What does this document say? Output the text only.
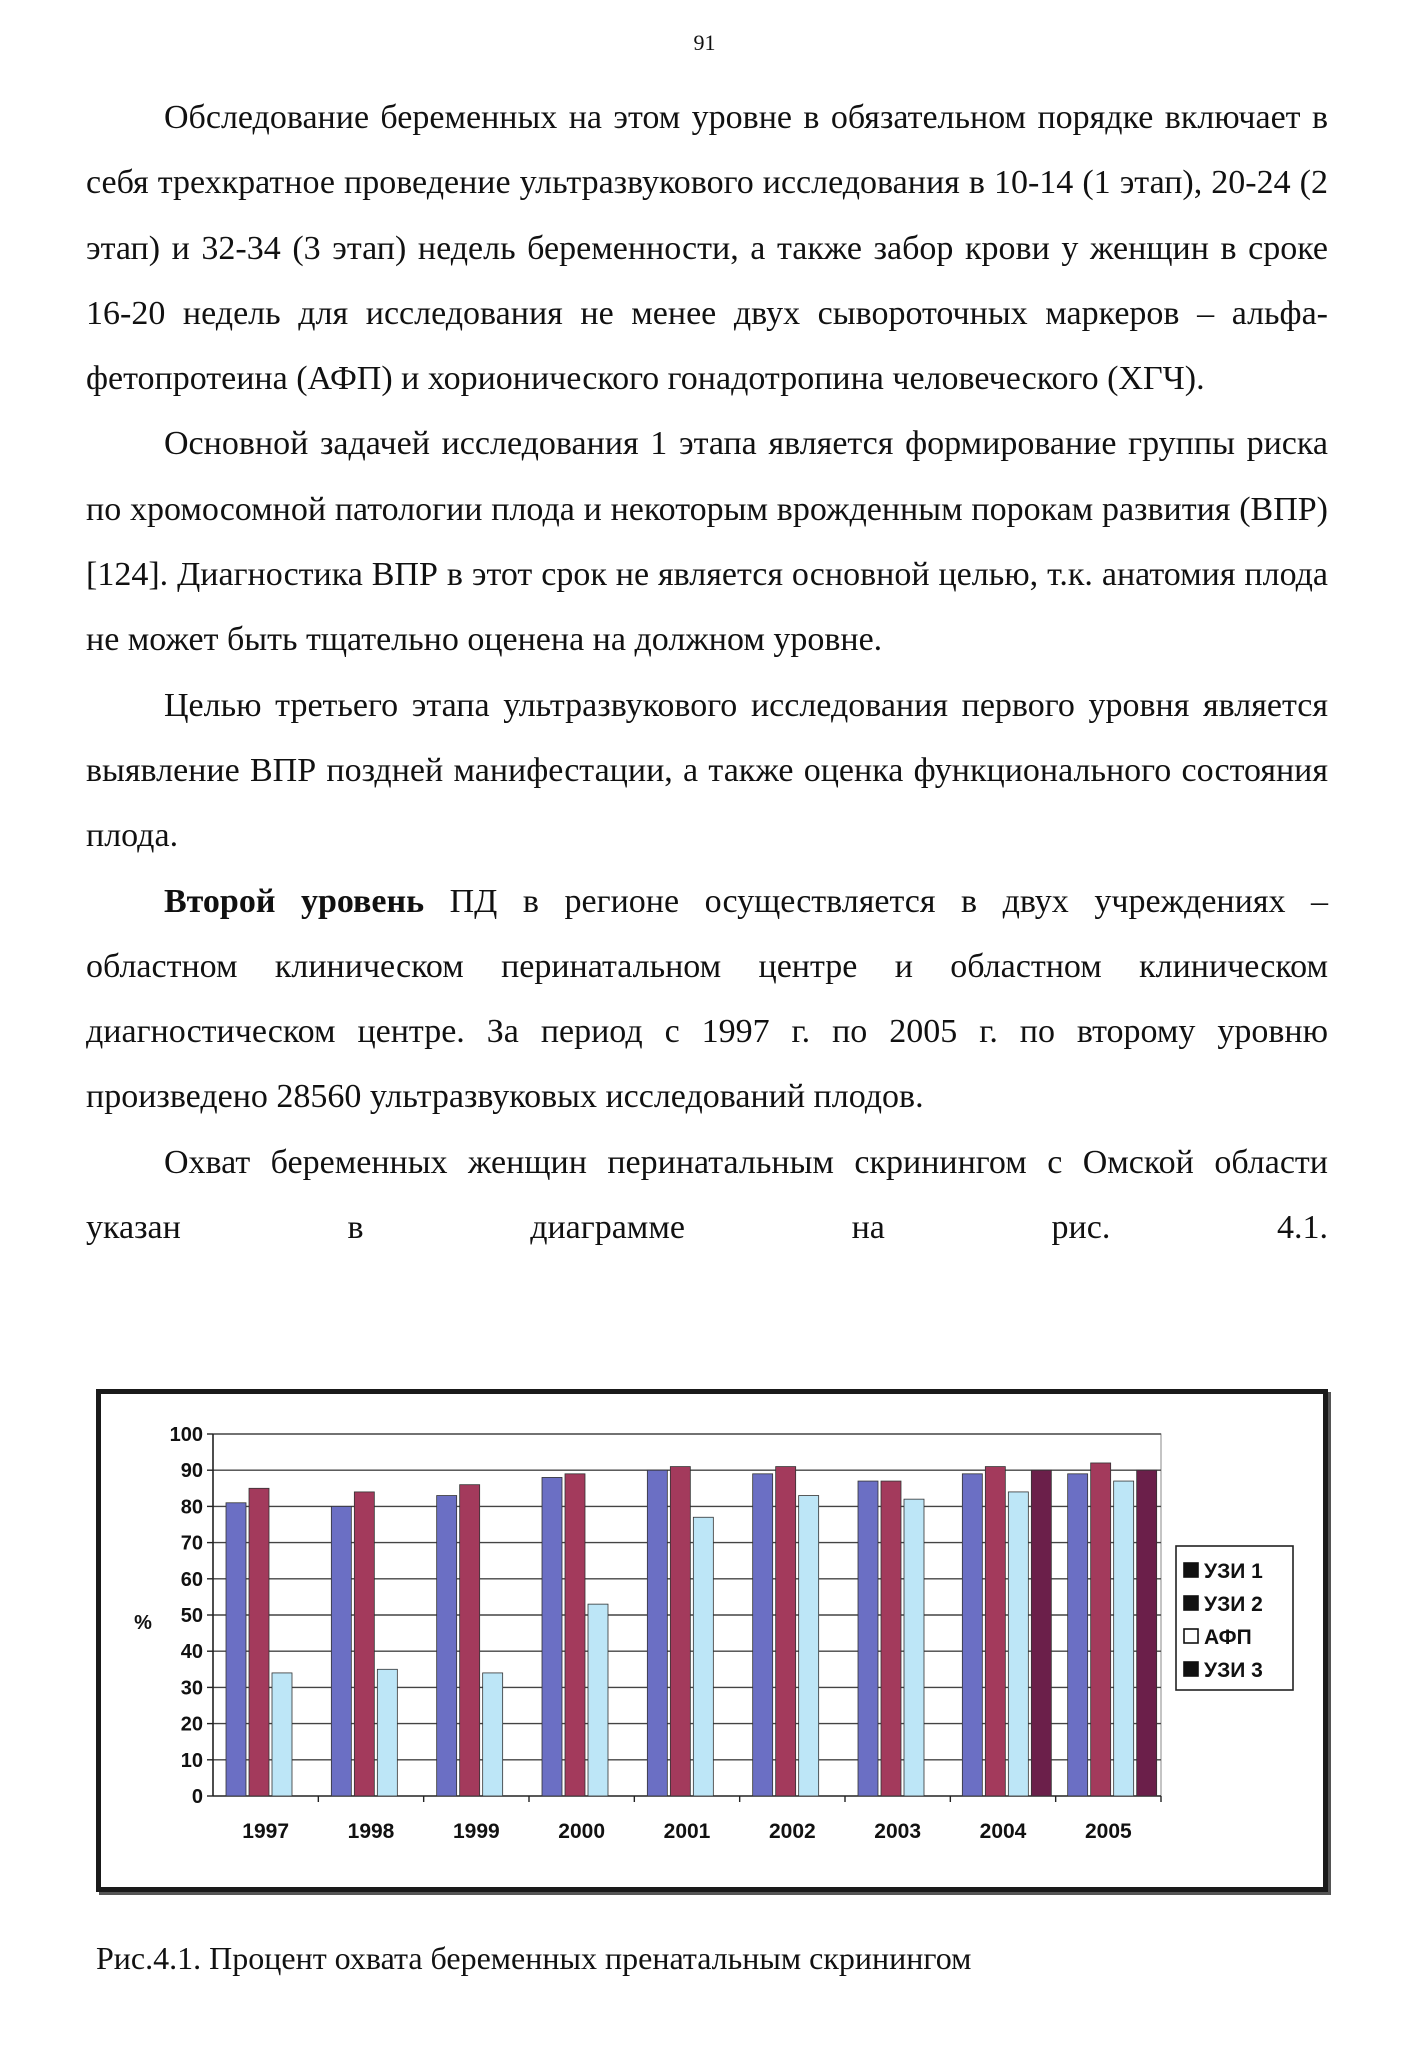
91

Обследование беременных на этом уровне в обязательном порядке включает в себя трехкратное проведение ультразвукового исследования в 10-14 (1 этап), 20-24 (2 этап) и 32-34 (3 этап) недель беременности, а также забор крови у женщин в сроке 16-20 недель для исследования не менее двух сывороточных маркеров – альфа-фетопротеина (АФП) и хорионического гонадотропина человеческого (ХГЧ).

Основной задачей исследования 1 этапа является формирование группы риска по хромосомной патологии плода и некоторым врожденным порокам развития (ВПР) [124]. Диагностика ВПР в этот срок не является основной целью, т.к. анатомия плода не может быть тщательно оценена на должном уровне.

Целью третьего этапа ультразвукового исследования первого уровня является выявление ВПР поздней манифестации, а также оценка функционального состояния плода.

Второй уровень ПД в регионе осуществляется в двух учреждениях – областном клиническом перинатальном центре и областном клиническом диагностическом центре. За период с 1997 г. по 2005 г. по второму уровню произведено 28560 ультразвуковых исследований плодов.

Охват беременных женщин перинатальным скринингом с Омской области указан в диаграмме на рис. 4.1.

0
10
20
30
40
50
60
70
80
90
100
%
1997	1998	1999	2000	2001	2002	2003	2004	2005
УЗИ 1
УЗИ 2
АФП
УЗИ 3
Рис.4.1. Процент охвата беременных пренатальным скринингом
